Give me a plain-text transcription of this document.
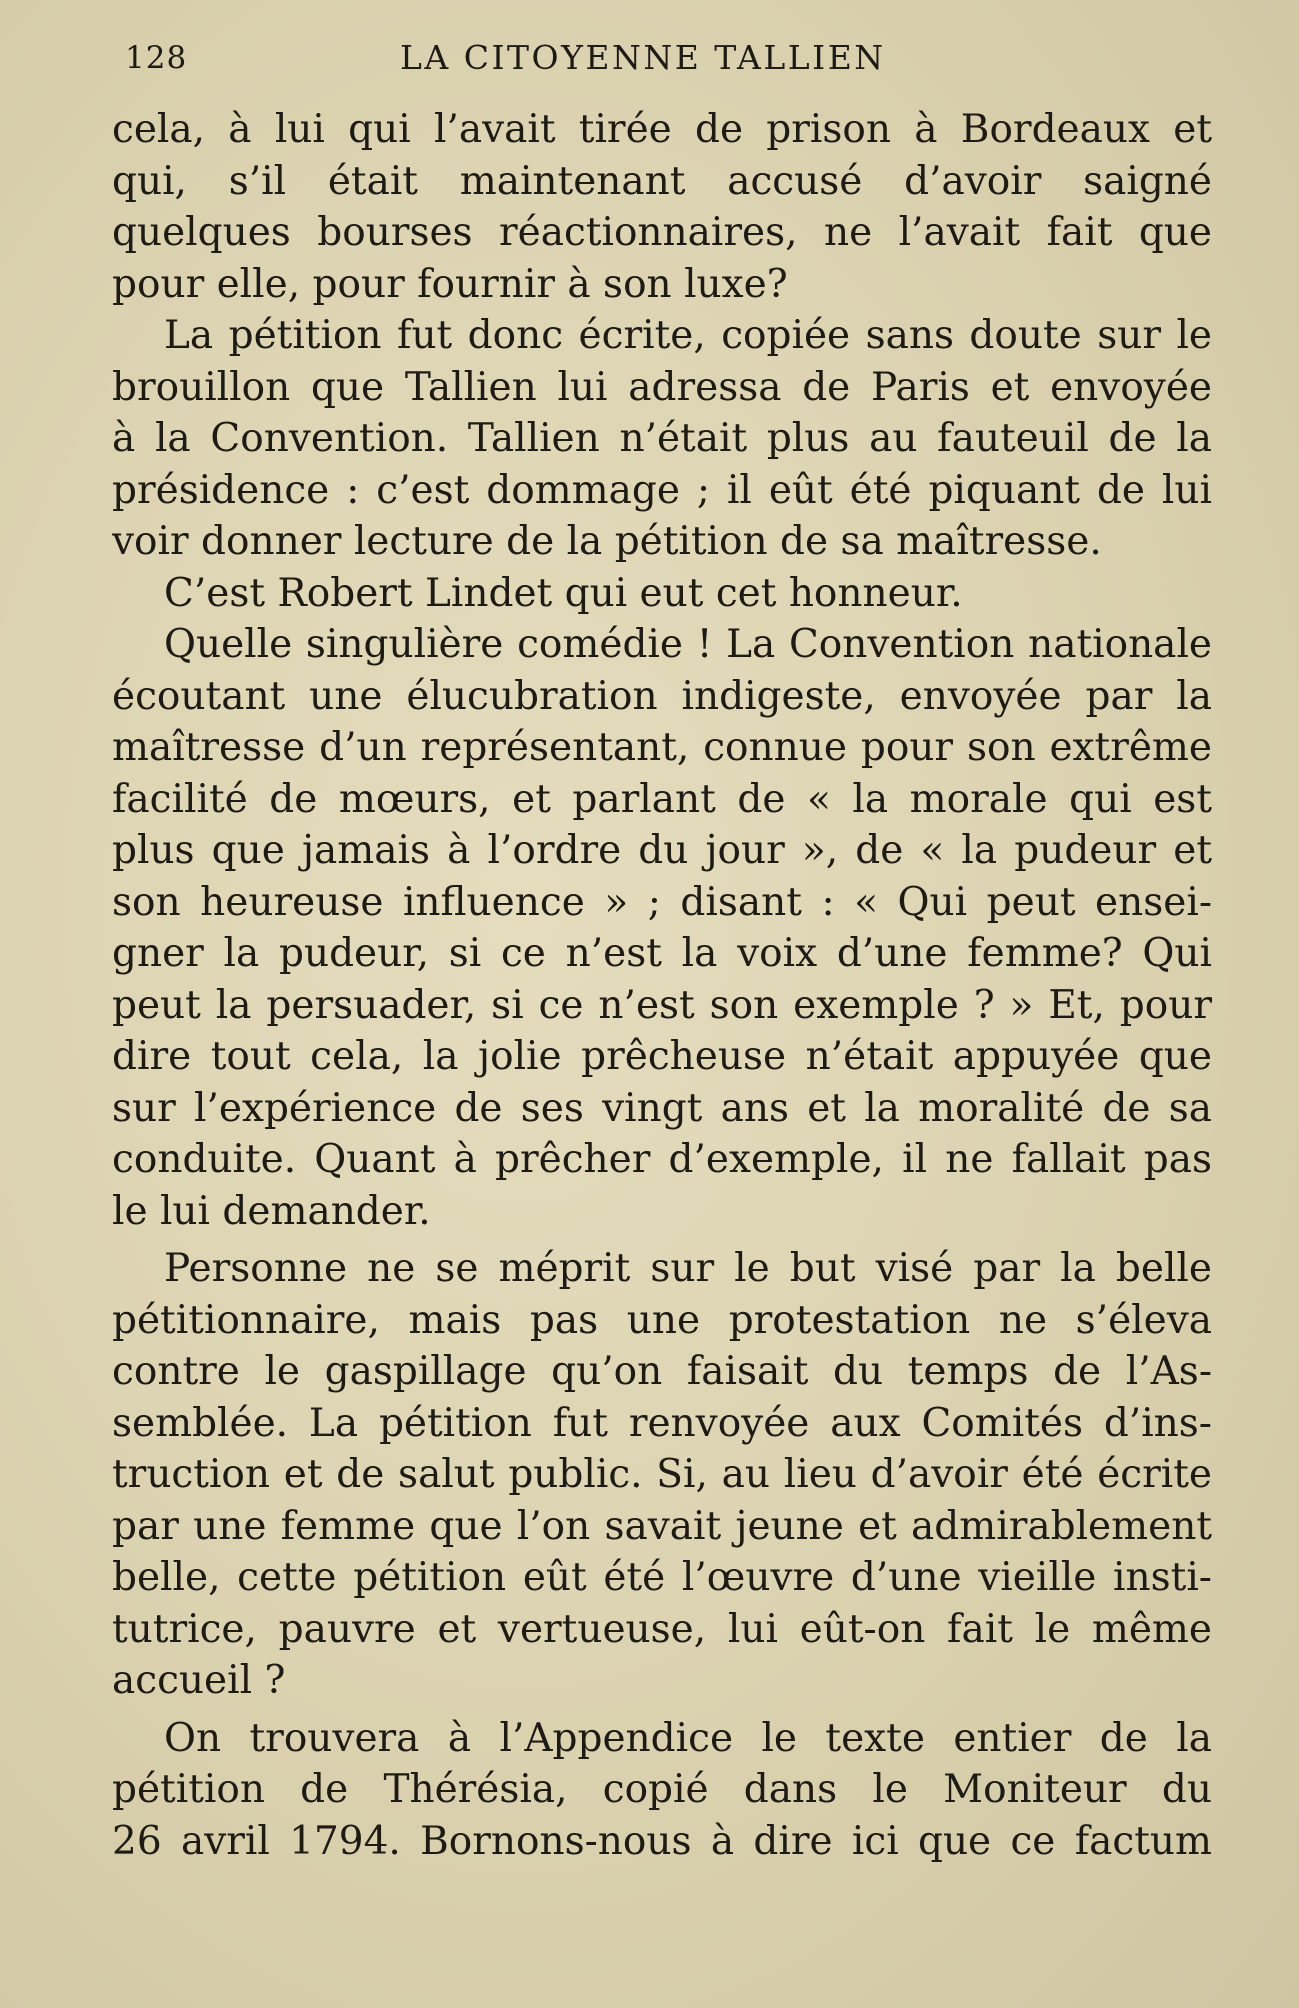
128	LA CITOYENNE TALLIEN
cela, à lui qui l’avait tirée de prison à Bordeaux et
qui, s’il était maintenant accusé d’avoir saigné
quelques bourses réactionnaires, ne l’avait fait que
pour elle, pour fournir à son luxe?
La pétition fut donc écrite, copiée sans doute sur le
brouillon que Tallien lui adressa de Paris et envoyée
à la Convention. Tallien n’était plus au fauteuil de la
présidence : c’est dommage ; il eût été piquant de lui
voir donner lecture de la pétition de sa maîtresse.
C’est Robert Lindet qui eut cet honneur.
Quelle singulière comédie ! La Convention nationale
écoutant une élucubration indigeste, envoyée par la
maîtresse d’un représentant, connue pour son extrême
facilité de mœurs, et parlant de « la morale qui est
plus que jamais à l’ordre du jour », de « la pudeur et
son heureuse influence » ; disant : « Qui peut ensei-
gner la pudeur, si ce n’est la voix d’une femme? Qui
peut la persuader, si ce n’est son exemple ? » Et, pour
dire tout cela, la jolie prêcheuse n’était appuyée que
sur l’expérience de ses vingt ans et la moralité de sa
conduite. Quant à prêcher d’exemple, il ne fallait pas
le lui demander.
Personne ne se méprit sur le but visé par la belle
pétitionnaire, mais pas une protestation ne s’éleva
contre le gaspillage qu’on faisait du temps de l’As-
semblée. La pétition fut renvoyée aux Comités d’ins-
truction et de salut public. Si, au lieu d’avoir été écrite
par une femme que l’on savait jeune et admirablement
belle, cette pétition eût été l’œuvre d’une vieille insti-
tutrice, pauvre et vertueuse, lui eût-on fait le même
accueil ?
On trouvera à l’Appendice le texte entier de la
pétition de Thérésia, copié dans le Moniteur du
26 avril 1794. Bornons-nous à dire ici que ce factum
